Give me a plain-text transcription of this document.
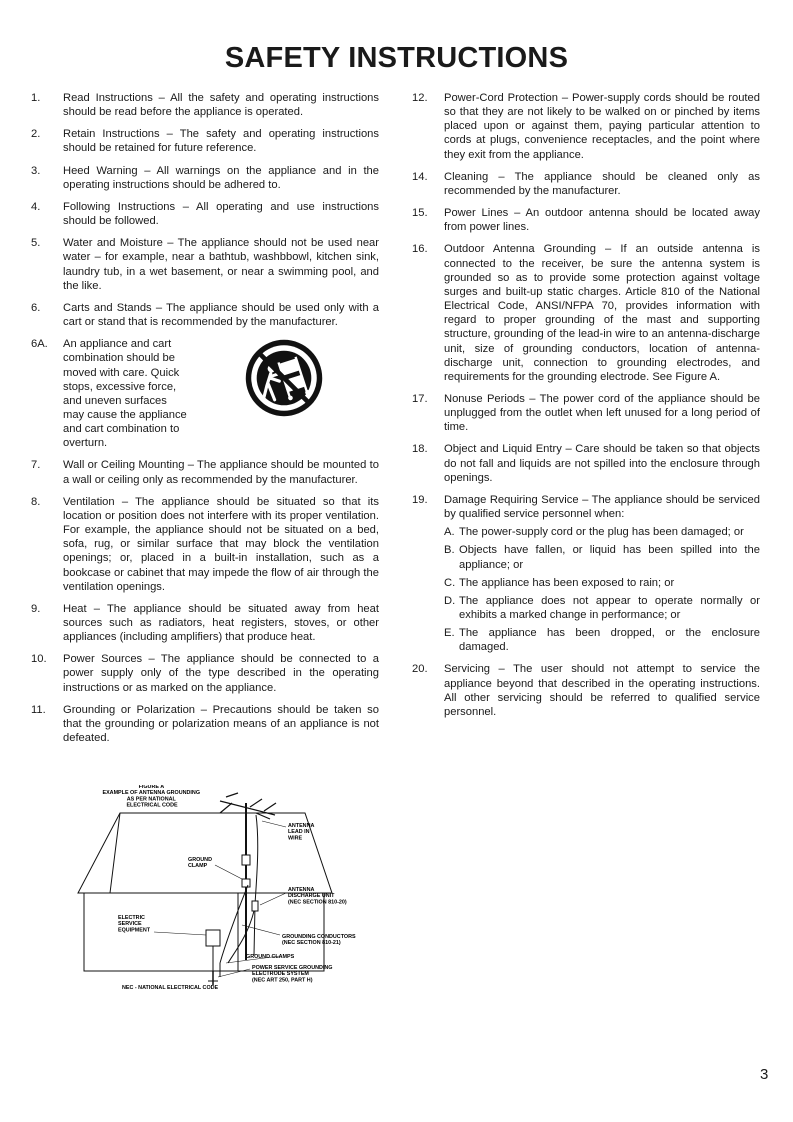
SAFETY INSTRUCTIONS
1.	Read Instructions – All the safety and operating instructions should be read before the appliance is operated.
2.	Retain Instructions – The safety and operating instructions should be retained for future reference.
3.	Heed Warning – All warnings on the appliance and in the operating instructions should be adhered to.
4.	Following Instructions – All operating and use instructions should be followed.
5.	Water and Moisture – The appliance should not be used near water – for example, near a bathtub, washbbowl, kitchen sink, laundry tub, in a wet basement, or near a swimming pool, and the like.
6.	Carts and Stands – The appliance should be used only with a cart or stand that is recommended by the manufacturer.
6A.	An appliance and cart combination should be moved with care. Quick stops, excessive force, and uneven surfaces may cause the appliance and cart combination to overturn.
7.	Wall or Ceiling Mounting – The appliance should be mounted to a wall or ceiling only as recommended by the manufacturer.
8.	Ventilation – The appliance should be situated so that its location or position does not interfere with its proper ventilation. For example, the appliance should not be situated on a bed, sofa, rug, or similar surface that may block the ventilation openings; or, placed in a built-in installation, such as a bookcase or cabinet that may impede the flow of air through the ventilation openings.
9.	Heat – The appliance should be situated away from heat sources such as radiators, heat registers, stoves, or other appliances (including amplifiers) that produce heat.
10.	Power Sources – The appliance should be connected to a power supply only of the type described in the operating instructions or as marked on the appliance.
11.	Grounding or Polarization – Precautions should be taken so that the grounding or polarization means of an appliance is not defeated.
12.	Power-Cord Protection – Power-supply cords should be routed so that they are not likely to be walked on or pinched by items placed upon or against them, paying particular attention to cords at plugs, convenience receptacles, and the point where they exit from the appliance.
14.	Cleaning – The appliance should be cleaned only as recommended by the manufacturer.
15.	Power Lines – An outdoor antenna should be located away from power lines.
16.	Outdoor Antenna Grounding – If an outside antenna is connected to the receiver, be sure the antenna system is grounded so as to provide some protection against voltage surges and built-up static charges. Article 810 of the National Electrical Code, ANSI/NFPA 70, provides information with regard to proper grounding of the mast and supporting structure, grounding of the lead-in wire to an antenna-discharge unit, size of grounding conductors, location of antenna-discharge unit, connection to grounding electrodes, and requirements for the grounding electrode. See Figure A.
17.	Nonuse Periods – The power cord of the appliance should be unplugged from the outlet when left unused for a long period of time.
18.	Object and Liquid Entry – Care should be taken so that objects do not fall and liquids are not spilled into the enclosure through openings.
19.	Damage Requiring Service – The appliance should be serviced by qualified service personnel when:
A. The power-supply cord or the plug has been damaged; or
B. Objects have fallen, or liquid has been spilled into the appliance; or
C. The appliance has been exposed to rain; or
D. The appliance does not appear to operate normally or exhibits a marked change in performance; or
E. The appliance has been dropped, or the enclosure damaged.
20.	Servicing – The user should not attempt to service the appliance beyond that described in the operating instructions. All other servicing should be referred to qualified service personnel.
FIGURE A EXAMPLE OF ANTENNA GROUNDING AS PER NATIONAL ELECTRICAL CODE
ANTENNA LEAD IN WIRE
GROUND CLAMP
ANTENNA DISCHARGE UNIT (NEC SECTION 810-20)
ELECTRIC SERVICE EQUIPMENT
GROUNDING CONDUCTORS (NEC SECTION 810-21)
GROUND CLAMPS
POWER SERVICE GROUNDING ELECTRODE SYSTEM (NEC ART 250, PART H)
NEC - NATIONAL ELECTRICAL CODE
3
